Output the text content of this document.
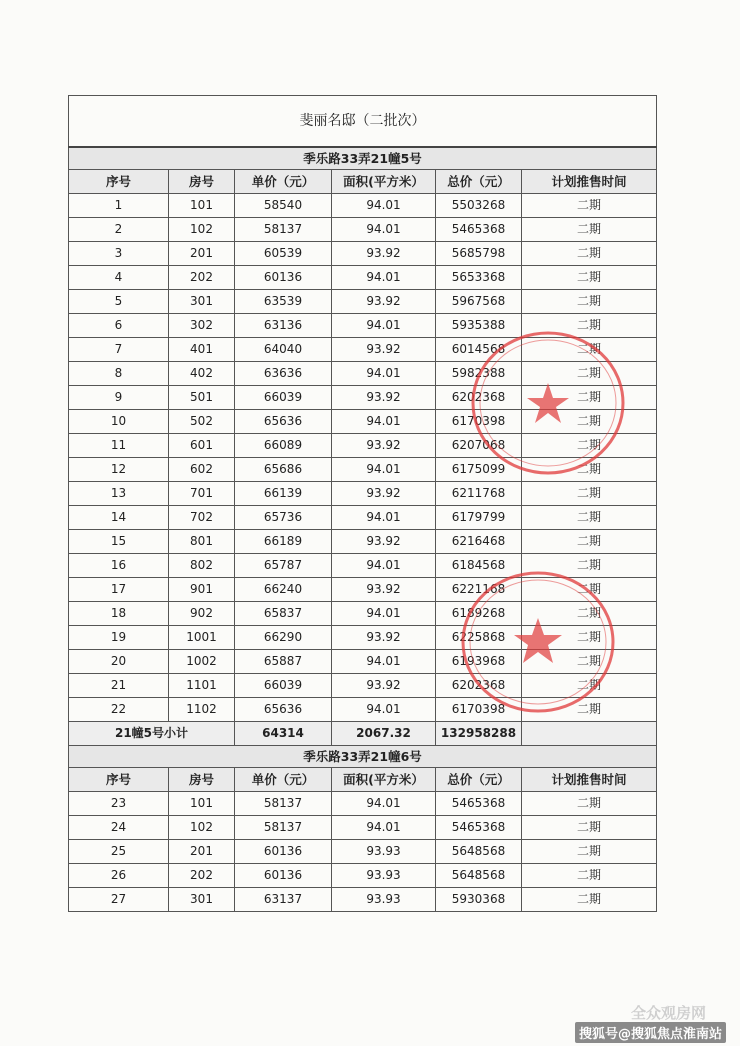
斐丽名邸（二批次）					
季乐路33弄21幢5号					
序号	房号	单价（元）	面积(平方米）	总价（元）	计划推售时间
1	101	58540	94.01	5503268	二期
2	102	58137	94.01	5465368	二期
3	201	60539	93.92	5685798	二期
4	202	60136	94.01	5653368	二期
5	301	63539	93.92	5967568	二期
6	302	63136	94.01	5935388	二期
7	401	64040	93.92	6014568	二期
8	402	63636	94.01	5982388	二期
9	501	66039	93.92	6202368	二期
10	502	65636	94.01	6170398	二期
11	601	66089	93.92	6207068	二期
12	602	65686	94.01	6175099	二期
13	701	66139	93.92	6211768	二期
14	702	65736	94.01	6179799	二期
15	801	66189	93.92	6216468	二期
16	802	65787	94.01	6184568	二期
17	901	66240	93.92	6221168	二期
18	902	65837	94.01	6189268	二期
19	1001	66290	93.92	6225868	二期
20	1002	65887	94.01	6193968	二期
21	1101	66039	93.92	6202368	二期
22	1102	65636	94.01	6170398	二期
21幢5号小计		64314	2067.32	132958288	
季乐路33弄21幢6号					
序号	房号	单价（元）	面积(平方米）	总价（元）	计划推售时间
23	101	58137	94.01	5465368	二期
24	102	58137	94.01	5465368	二期
25	201	60136	93.93	5648568	二期
26	202	60136	93.93	5648568	二期
27	301	63137	93.93	5930368	二期
全众观房网
搜狐号@搜狐焦点淮南站
